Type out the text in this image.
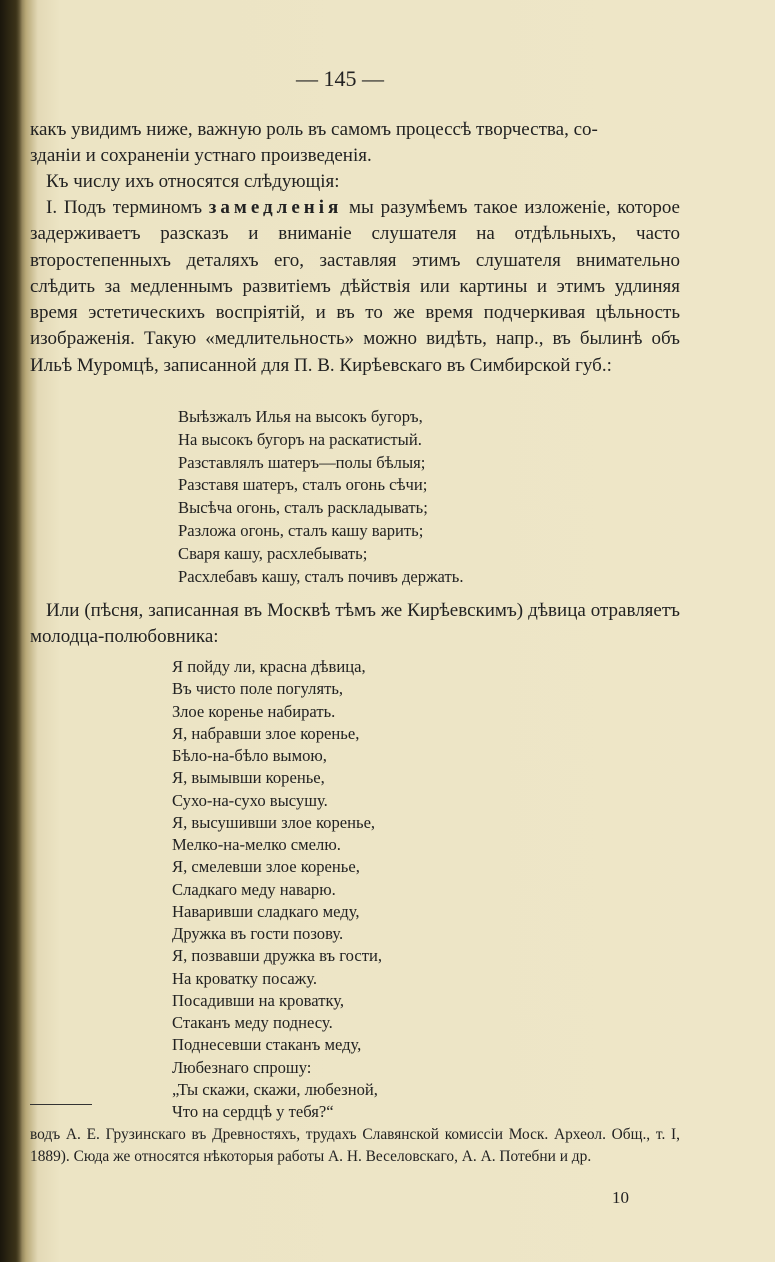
— 145 —

какъ увидимъ ниже, важную роль въ самомъ процессѣ творчества, со-
зданіи и сохраненіи устнаго произведенія.

Къ числу ихъ относятся слѣдующія:

I. Подъ терминомъ замедленія мы разумѣемъ такое изложеніе, которое задерживаетъ разсказъ и вниманіе слушателя на отдѣльныхъ, часто второстепенныхъ деталяхъ его, заставляя этимъ слушателя внимательно слѣдить за медленнымъ развитіемъ дѣйствія или картины и этимъ удлиняя время эстетическихъ воспріятій, и въ то же время подчеркивая цѣльность изображенія. Такую «медлительность» можно видѣть, напр., въ былинѣ объ Ильѣ Муромцѣ, записанной для П. В. Кирѣевскаго въ Симбирской губ.:

Выѣзжалъ Илья на высокъ бугоръ,
На высокъ бугоръ на раскатистый.
Разставлялъ шатеръ—полы бѣлыя;
Разставя шатеръ, сталъ огонь сѣчи;
Высѣча огонь, сталъ раскладывать;
Разложа огонь, сталъ кашу варить;
Сваря кашу, расхлебывать;
Расхлебавъ кашу, сталъ почивъ держать.

Или (пѣсня, записанная въ Москвѣ тѣмъ же Кирѣевскимъ) дѣвица отравляетъ молодца-полюбовника:

Я пойду ли, красна дѣвица,
Въ чисто поле погулять,
Злое коренье набирать.
Я, набравши злое коренье,
Бѣло-на-бѣло вымою,
Я, вымывши коренье,
Сухо-на-сухо высушу.
Я, высушивши злое коренье,
Мелко-на-мелко смелю.
Я, смелевши злое коренье,
Сладкаго меду наварю.
Наваривши сладкаго меду,
Дружка въ гости позову.
Я, позвавши дружка въ гости,
На кроватку посажу.
Посадивши на кроватку,
Стаканъ меду поднесу.
Поднесевши стаканъ меду,
Любезнаго спрошу:
„Ты скажи, скажи, любезной,
Что на сердцѣ у тебя?“

водъ А. Е. Грузинскаго въ Древностяхъ, трудахъ Славянской комиссіи Моск. Археол. Общ., т. I, 1889). Сюда же относятся нѣкоторыя работы А. Н. Веселовскаго, А. А. Потебни и др.

10
